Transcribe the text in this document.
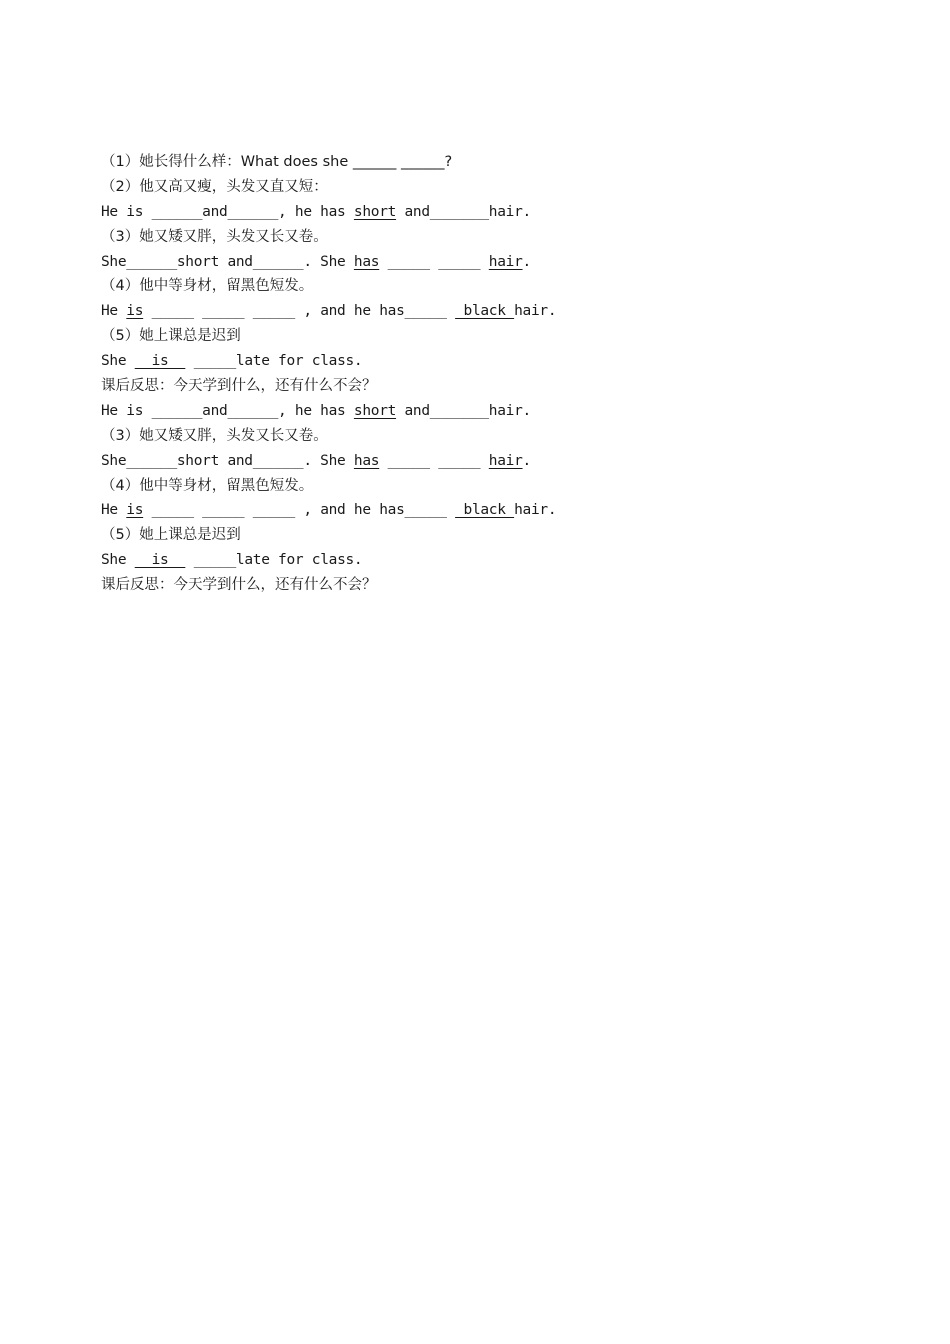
（1）她长得什么样：What does she ______ ______?
（2）他又高又瘦，头发又直又短：
He is ______and______, he has short and_______hair.
（3）她又矮又胖，头发又长又卷。
She______short and______. She has _____ _____ hair.
（4）他中等身材，留黑色短发。
He is _____ _____ _____ , and he has_____  black hair.
（5）她上课总是迟到
She   is   _____late for class.
课后反思：今天学到什么，还有什么不会？
He is ______and______, he has short and_______hair.
（3）她又矮又胖，头发又长又卷。
She______short and______. She has _____ _____ hair.
（4）他中等身材，留黑色短发。
He is _____ _____ _____ , and he has_____  black hair.
（5）她上课总是迟到
She   is   _____late for class.
课后反思：今天学到什么，还有什么不会？
